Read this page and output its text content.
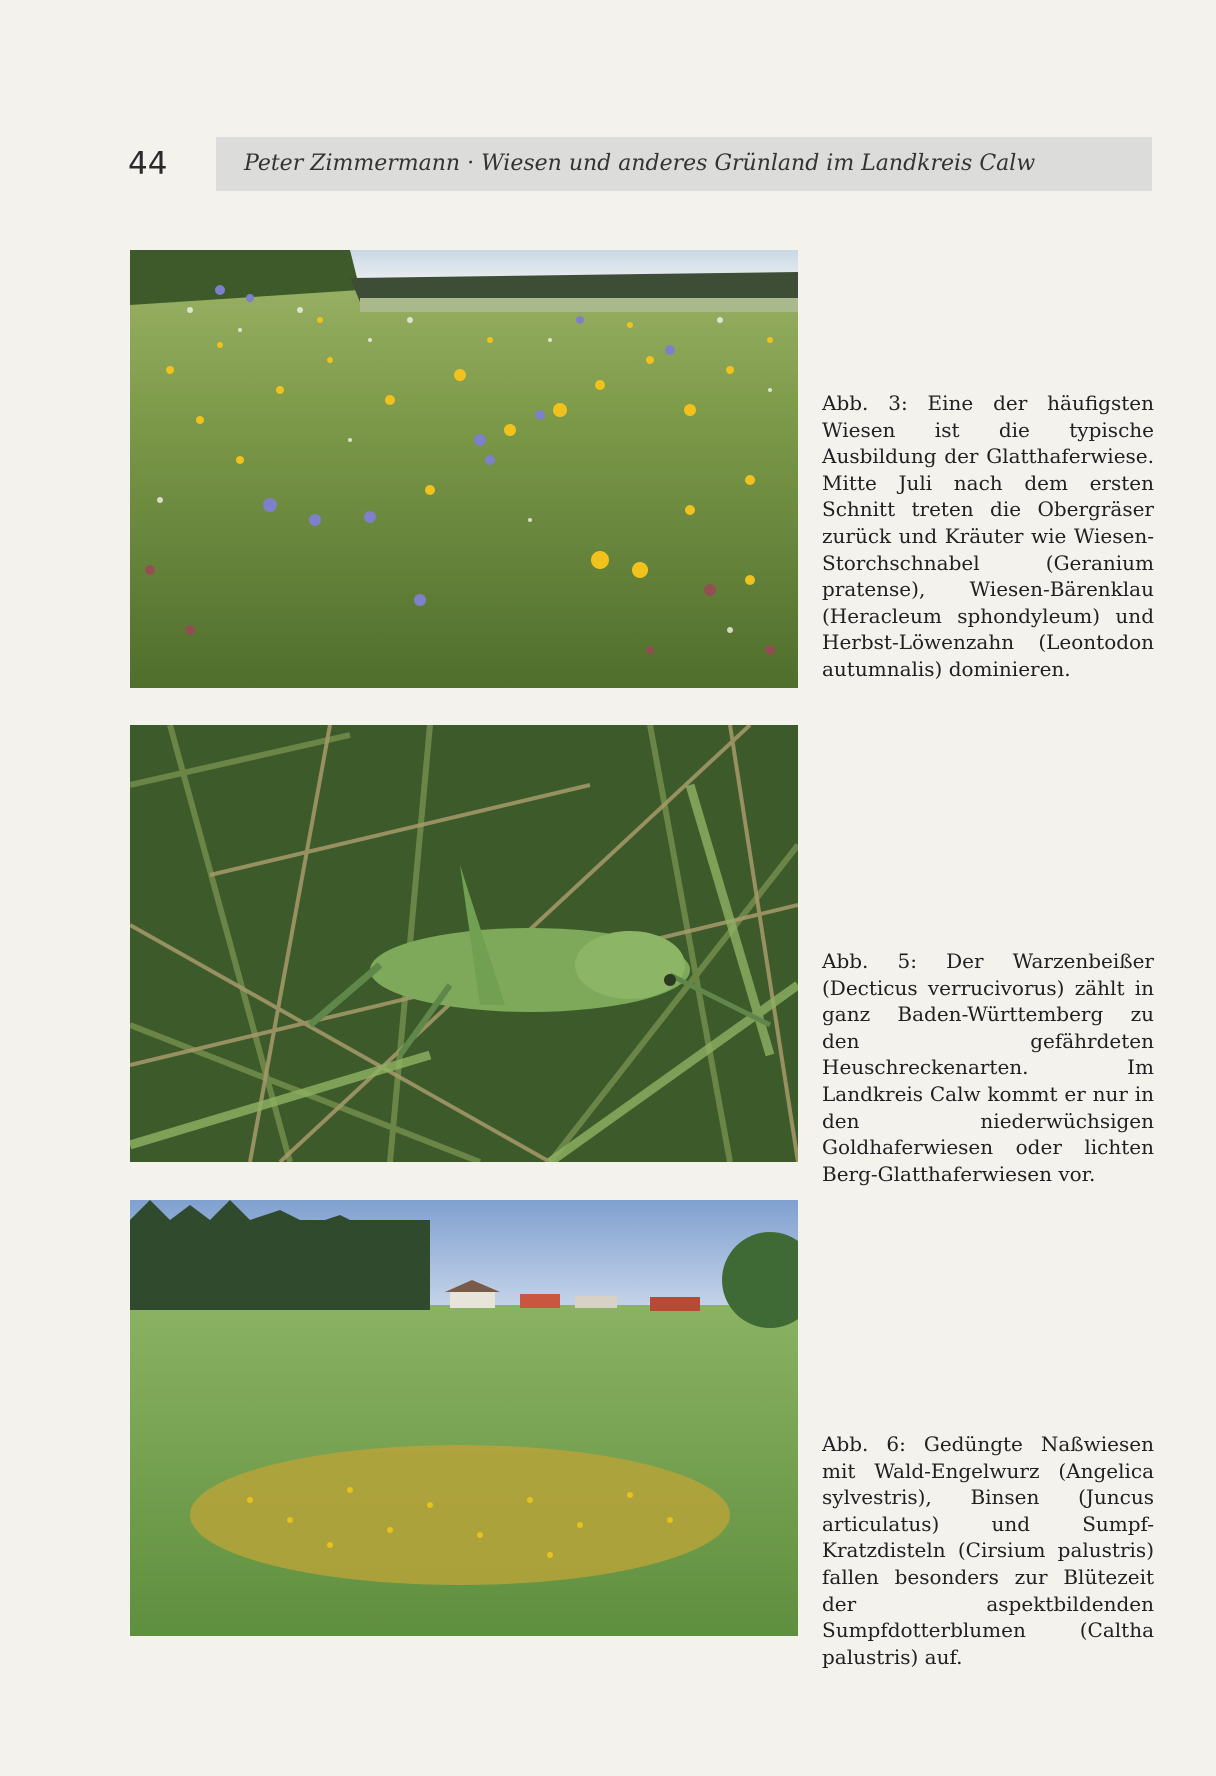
44	Peter Zimmermann · Wiesen und anderes Grünland im Landkreis Calw
Abb. 3: Eine der häufigsten Wiesen ist die typische Ausbildung der Glatthaferwiese. Mitte Juli nach dem ersten Schnitt treten die Obergräser zurück und Kräuter wie Wiesen-Storchschnabel (Geranium pratense), Wiesen-Bärenklau (Heracleum sphondyleum) und Herbst-Löwenzahn (Leontodon autumnalis) dominieren.
Abb. 5: Der Warzenbeißer (Decticus verrucivorus) zählt in ganz Baden-Württemberg zu den gefährdeten Heuschreckenarten. Im Landkreis Calw kommt er nur in den niederwüchsigen Goldhaferwiesen oder lichten Berg-Glatthaferwiesen vor.
Abb. 6: Gedüngte Naßwiesen mit Wald-Engelwurz (Angelica sylvestris), Binsen (Juncus articulatus) und Sumpf-Kratzdisteln (Cirsium palustris) fallen besonders zur Blütezeit der aspektbildenden Sumpfdotterblumen (Caltha palustris) auf.
